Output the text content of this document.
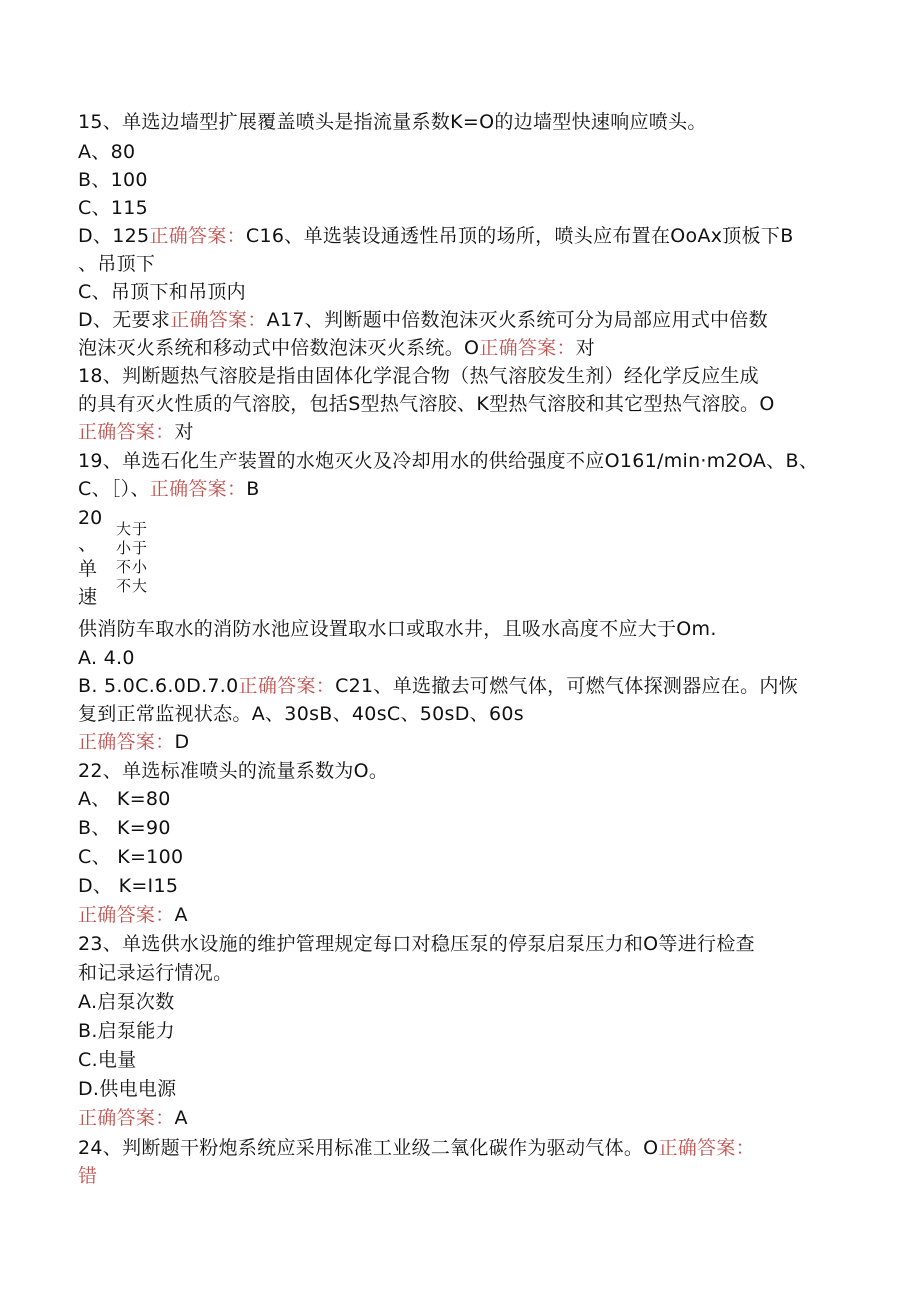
15、单选边墙型扩展覆盖喷头是指流量系数K=O的边墙型快速响应喷头。
A、80
B、100
C、115
D、125正确答案：C16、单选装设通透性吊顶的场所，喷头应布置在OoAx顶板下B
、吊顶下
C、吊顶下和吊顶内
D、无要求正确答案：A17、判断题中倍数泡沫灭火系统可分为局部应用式中倍数
泡沫灭火系统和移动式中倍数泡沫灭火系统。O正确答案：对
18、判断题热气溶胶是指由固体化学混合物（热气溶胶发生剂）经化学反应生成
的具有灭火性质的气溶胶，包括S型热气溶胶、K型热气溶胶和其它型热气溶胶。O
正确答案：对
19、单选石化生产装置的水炮灭火及冷却用水的供给强度不应O161/min·m2OA、B、
C、［）、正确答案：B
20
、
单
速
大于
小于
不小
不大
供消防车取水的消防水池应设置取水口或取水井，且吸水高度不应大于Om.
A. 4.0
B. 5.0C.6.0D.7.0正确答案：C21、单选撤去可燃气体，可燃气体探测器应在。内恢
复到正常监视状态。A、30sB、40sC、50sD、60s
正确答案：D
22、单选标准喷头的流量系数为O。
A、 K=80
B、 K=90
C、 K=100
D、 K=I15
正确答案：A
23、单选供水设施的维护管理规定每口对稳压泵的停泵启泵压力和O等进行检查
和记录运行情况。
A.启泵次数
B.启泵能力
C.电量
D.供电电源
正确答案：A
24、判断题干粉炮系统应采用标准工业级二氧化碳作为驱动气体。O正确答案：
错
